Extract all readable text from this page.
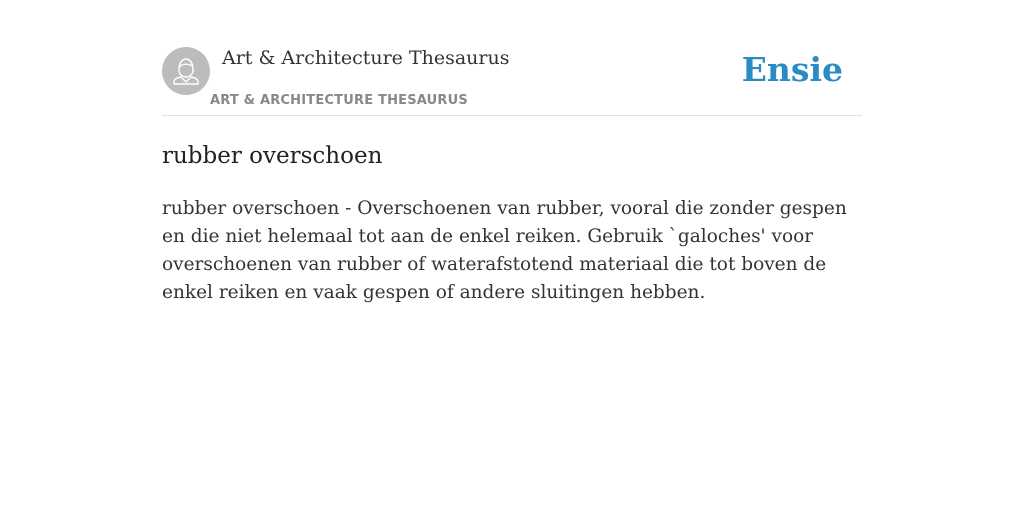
Art & Architecture Thesaurus
ART & ARCHITECTURE THESAURUS
Ensie
rubber overschoen

rubber overschoen - Overschoenen van rubber, vooral die zonder gespen en die niet helemaal tot aan de enkel reiken. Gebruik `galoches' voor overschoenen van rubber of waterafstotend materiaal die tot boven de enkel reiken en vaak gespen of andere sluitingen hebben.
